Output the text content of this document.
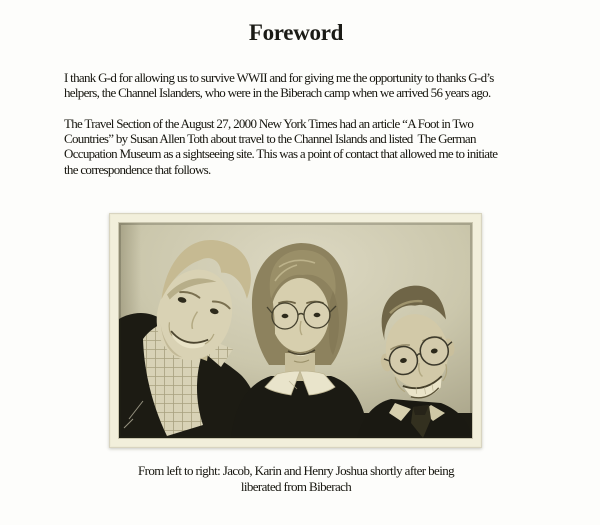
Foreword
I thank G-d for allowing us to survive WWII and for giving me the opportunity to thanks G-d’s
helpers, the Channel Islanders, who were in the Biberach camp when we arrived 56 years ago.
The Travel Section of the August 27, 2000 New York Times had an article “A Foot in Two
Countries” by Susan Allen Toth about travel to the Channel Islands and listed  The German
Occupation Museum as a sightseeing site. This was a point of contact that allowed me to initiate
the correspondence that follows.
From left to right: Jacob, Karin and Henry Joshua shortly after being
liberated from Biberach
